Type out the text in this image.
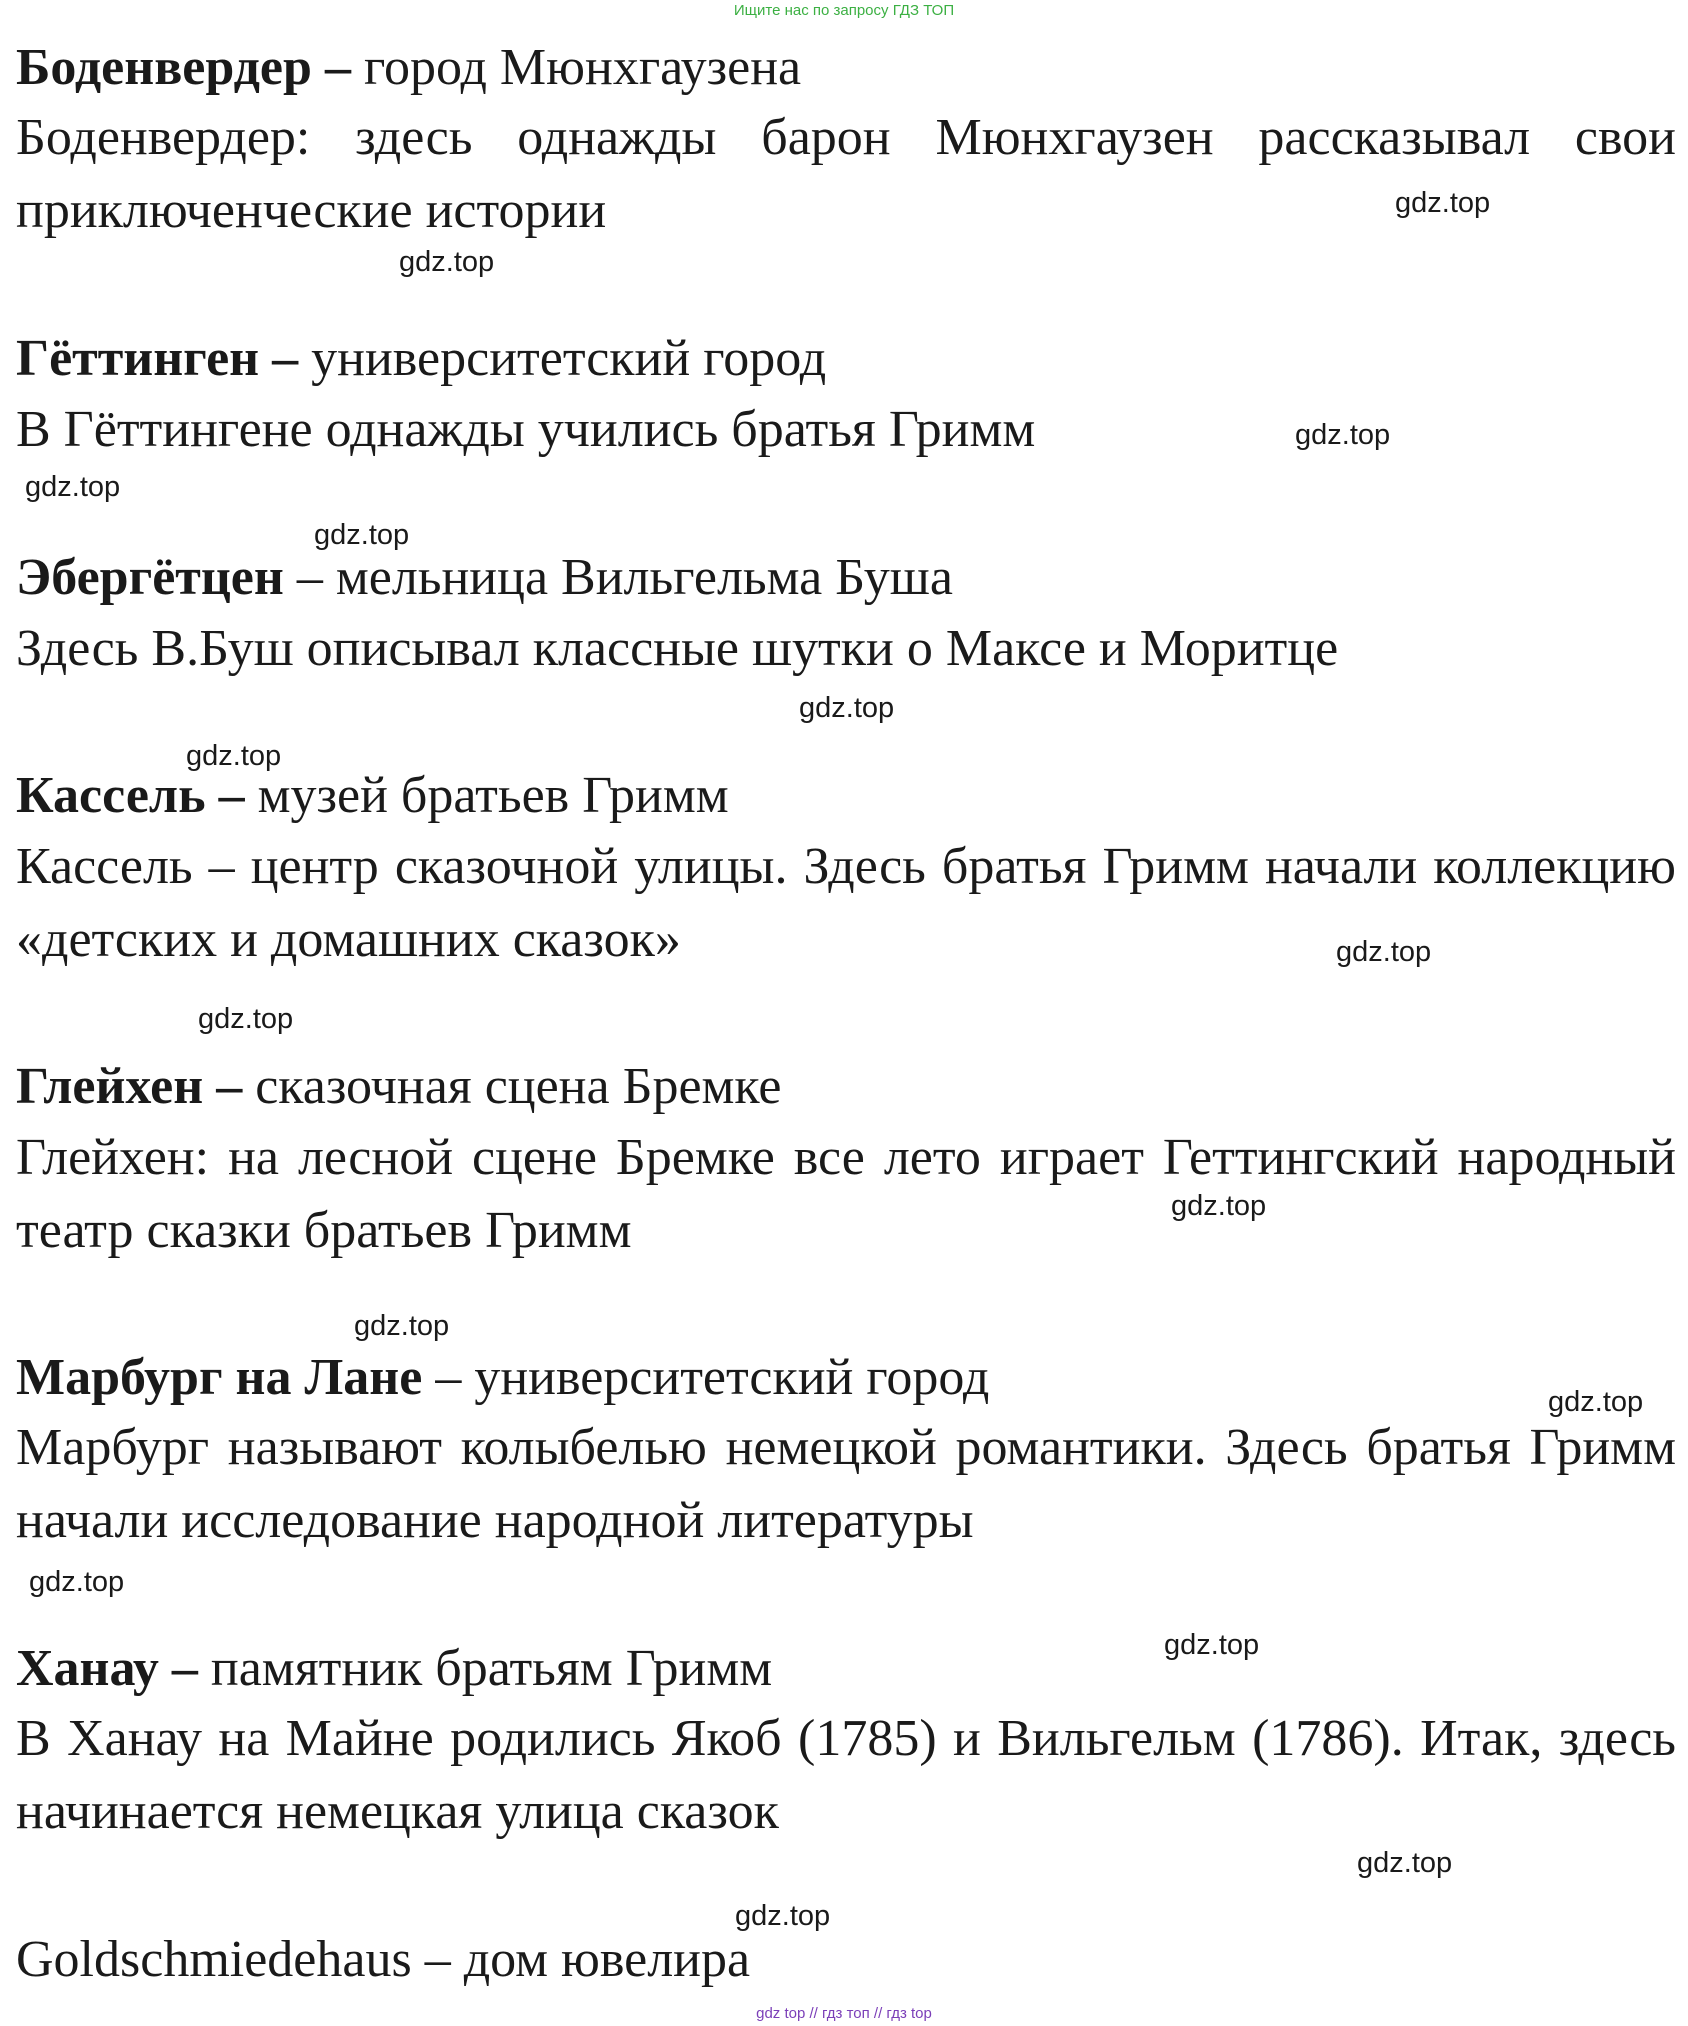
Ищите нас по запросу ГДЗ ТОП
Боденвердер – город Мюнхгаузена
Боденвердер: здесь однажды барон Мюнхгаузен рассказывал свои приключенческие истории
Гёттинген – университетский город
В Гёттингене однажды учились братья Гримм
Эбергётцен – мельница Вильгельма Буша
Здесь В.Буш описывал классные шутки о Максе и Моритце
Кассель – музей братьев Гримм
Кассель – центр сказочной улицы. Здесь братья Гримм начали коллекцию «детских и домашних сказок»
Глейхен – сказочная сцена Бремке
Глейхен: на лесной сцене Бремке все лето играет Геттингский народный театр сказки братьев Гримм
Марбург на Лане – университетский город
Марбург называют колыбелью немецкой романтики. Здесь братья Гримм начали исследование народной литературы
Ханау – памятник братьям Гримм
В Ханау на Майне родились Якоб (1785) и Вильгельм (1786). Итак, здесь начинается немецкая улица сказок
Goldschmiedehaus – дом ювелира
gdz.top
gdz.top
gdz.top
gdz.top
gdz.top
gdz.top
gdz.top
gdz.top
gdz.top
gdz.top
gdz.top
gdz.top
gdz.top
gdz.top
gdz.top
gdz.top
gdz top // гдз топ // гдз top
